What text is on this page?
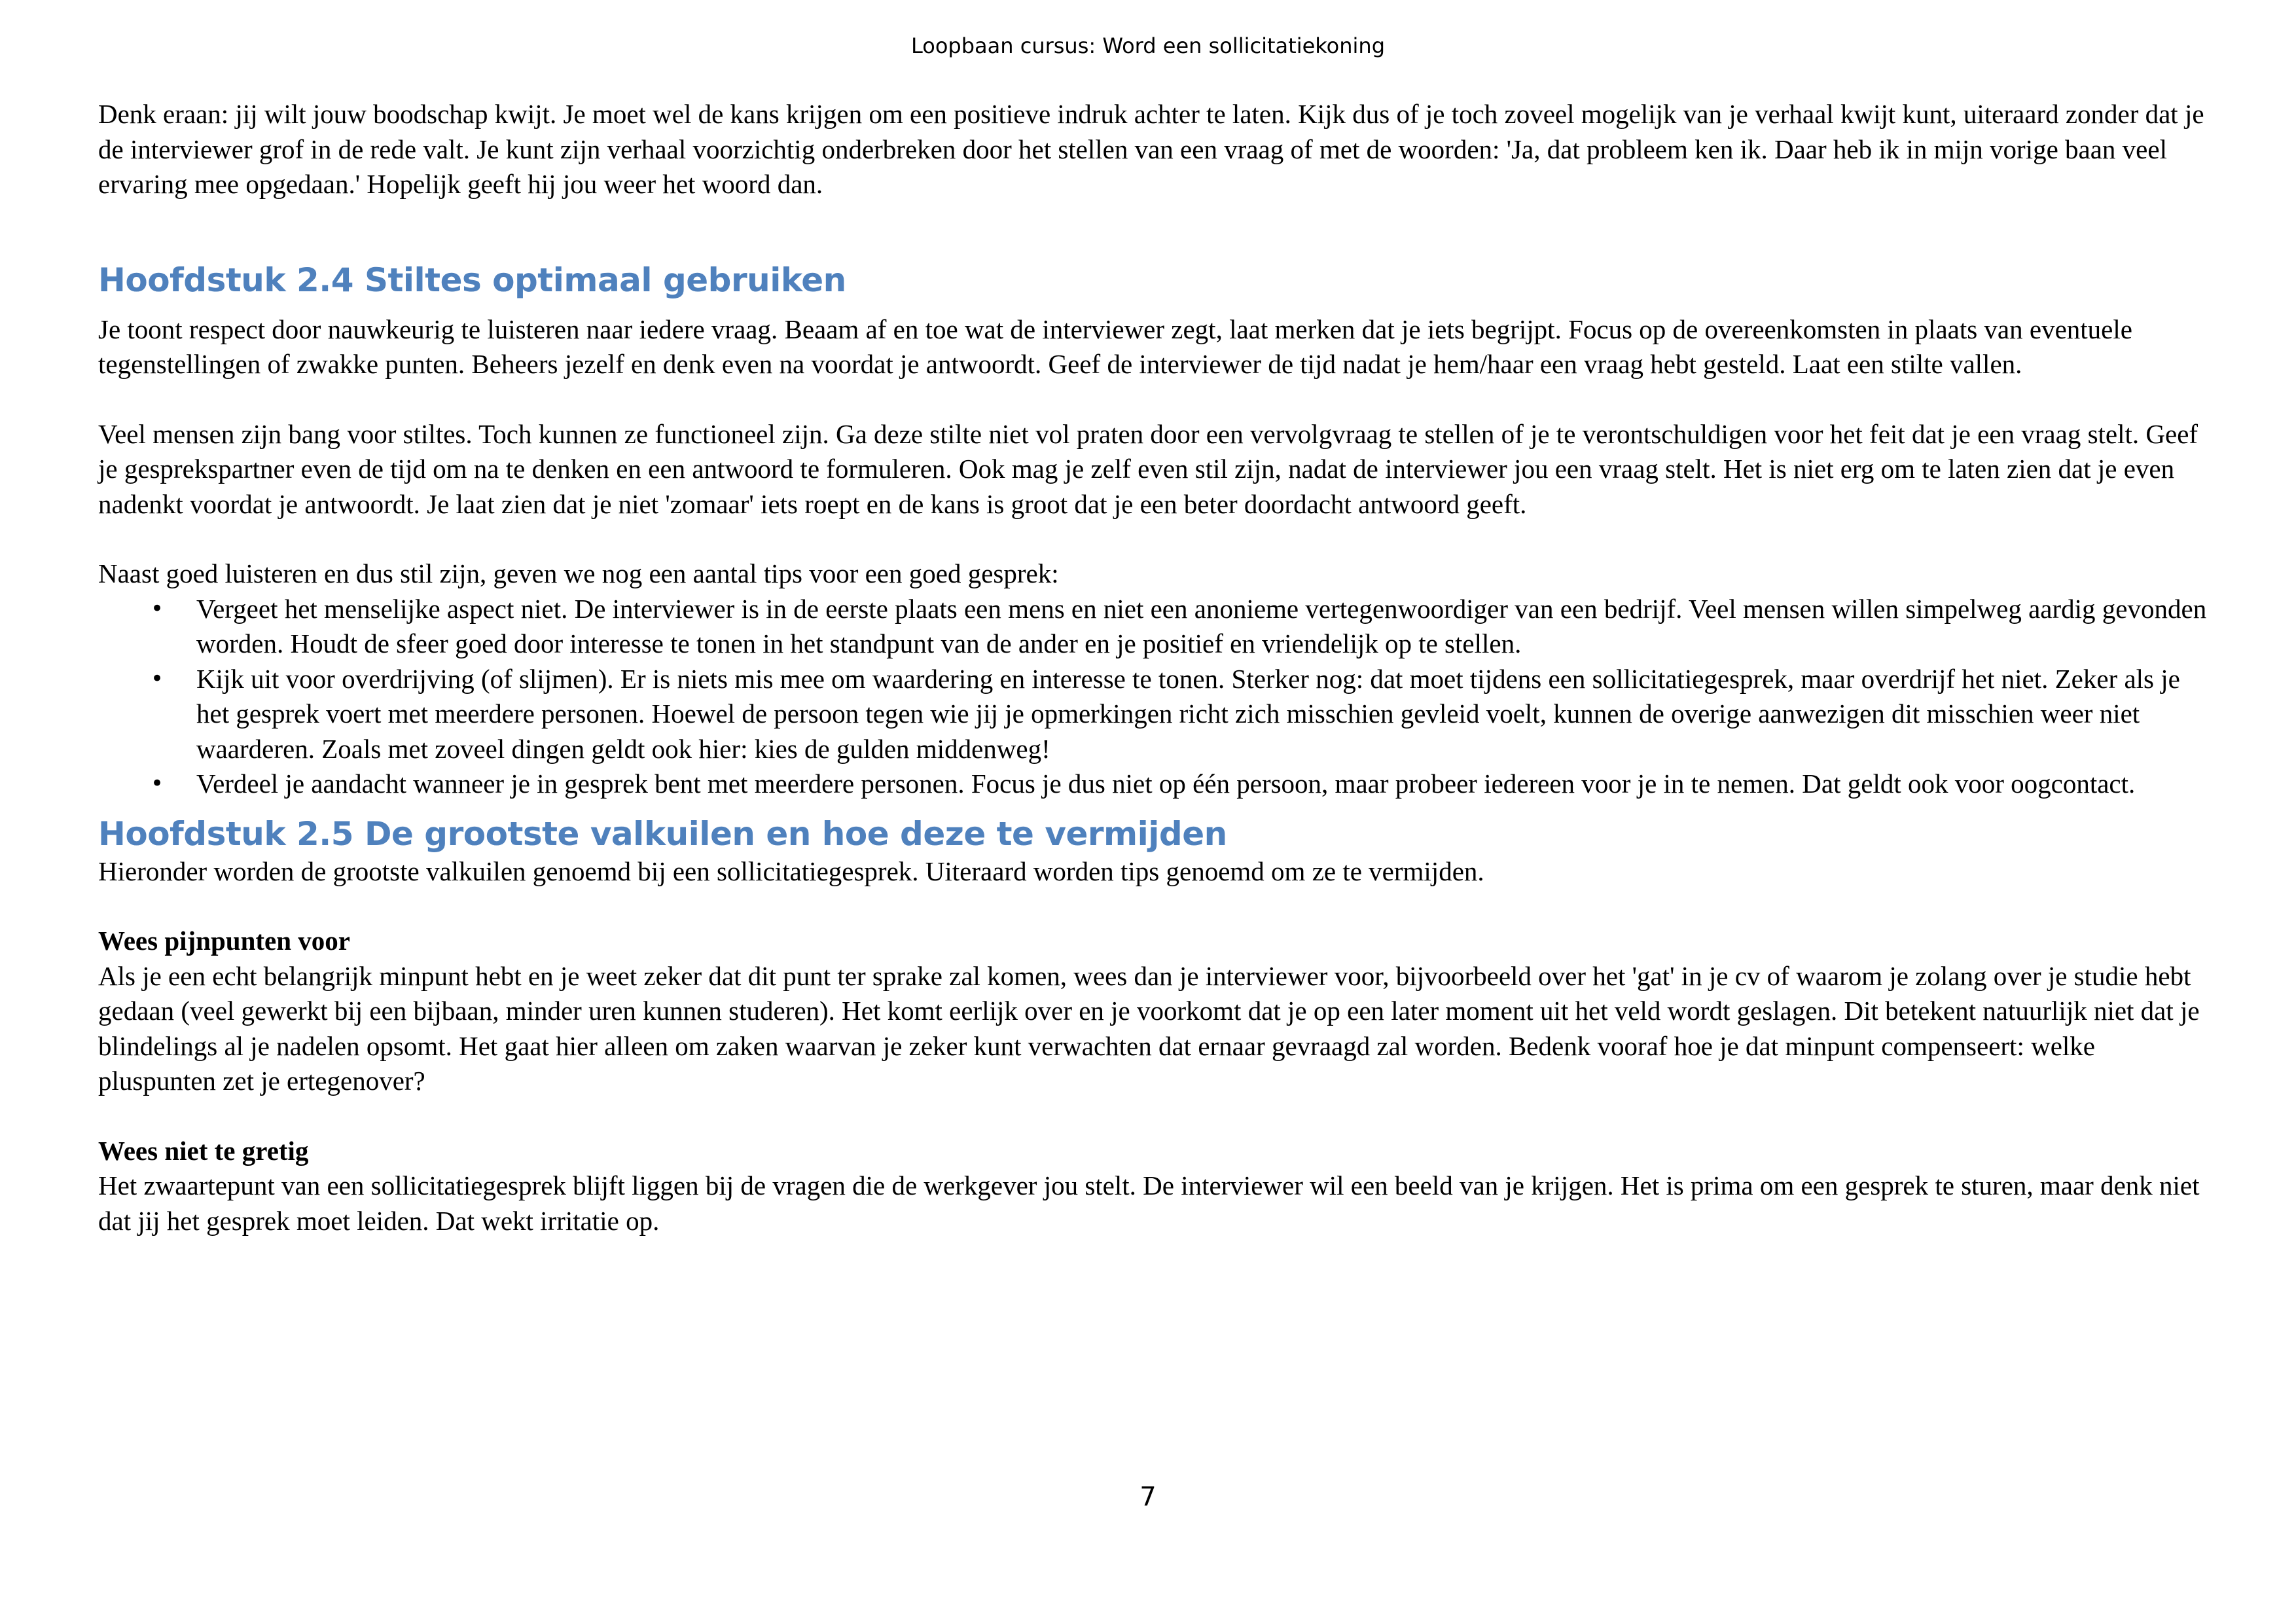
Loopbaan cursus: Word een sollicitatiekoning

Denk eraan: jij wilt jouw boodschap kwijt. Je moet wel de kans krijgen om een positieve indruk achter te laten. Kijk dus of je toch zoveel mogelijk van je verhaal kwijt kunt, uiteraard zonder dat je de interviewer grof in de rede valt. Je kunt zijn verhaal voorzichtig onderbreken door het stellen van een vraag of met de woorden: 'Ja, dat probleem ken ik. Daar heb ik in mijn vorige baan veel ervaring mee opgedaan.' Hopelijk geeft hij jou weer het woord dan.

Hoofdstuk 2.4 Stiltes optimaal gebruiken

Je toont respect door nauwkeurig te luisteren naar iedere vraag. Beaam af en toe wat de interviewer zegt, laat merken dat je iets begrijpt. Focus op de overeenkomsten in plaats van eventuele tegenstellingen of zwakke punten. Beheers jezelf en denk even na voordat je antwoordt. Geef de interviewer de tijd nadat je hem/haar een vraag hebt gesteld. Laat een stilte vallen.

Veel mensen zijn bang voor stiltes. Toch kunnen ze functioneel zijn. Ga deze stilte niet vol praten door een vervolgvraag te stellen of je te verontschuldigen voor het feit dat je een vraag stelt. Geef je gesprekspartner even de tijd om na te denken en een antwoord te formuleren. Ook mag je zelf even stil zijn, nadat de interviewer jou een vraag stelt. Het is niet erg om te laten zien dat je even nadenkt voordat je antwoordt. Je laat zien dat je niet 'zomaar' iets roept en de kans is groot dat je een beter doordacht antwoord geeft.

Naast goed luisteren en dus stil zijn, geven we nog een aantal tips voor een goed gesprek:

• Vergeet het menselijke aspect niet. De interviewer is in de eerste plaats een mens en niet een anonieme vertegenwoordiger van een bedrijf. Veel mensen willen simpelweg aardig gevonden worden. Houdt de sfeer goed door interesse te tonen in het standpunt van de ander en je positief en vriendelijk op te stellen.
• Kijk uit voor overdrijving (of slijmen). Er is niets mis mee om waardering en interesse te tonen. Sterker nog: dat moet tijdens een sollicitatiegesprek, maar overdrijf het niet. Zeker als je het gesprek voert met meerdere personen. Hoewel de persoon tegen wie jij je opmerkingen richt zich misschien gevleid voelt, kunnen de overige aanwezigen dit misschien weer niet waarderen. Zoals met zoveel dingen geldt ook hier: kies de gulden middenweg!
• Verdeel je aandacht wanneer je in gesprek bent met meerdere personen. Focus je dus niet op één persoon, maar probeer iedereen voor je in te nemen. Dat geldt ook voor oogcontact.
Hoofdstuk 2.5 De grootste valkuilen en hoe deze te vermijden

Hieronder worden de grootste valkuilen genoemd bij een sollicitatiegesprek. Uiteraard worden tips genoemd om ze te vermijden.

Wees pijnpunten voor

Als je een echt belangrijk minpunt hebt en je weet zeker dat dit punt ter sprake zal komen, wees dan je interviewer voor, bijvoorbeeld over het 'gat' in je cv of waarom je zolang over je studie hebt gedaan (veel gewerkt bij een bijbaan, minder uren kunnen studeren). Het komt eerlijk over en je voorkomt dat je op een later moment uit het veld wordt geslagen. Dit betekent natuurlijk niet dat je blindelings al je nadelen opsomt. Het gaat hier alleen om zaken waarvan je zeker kunt verwachten dat ernaar gevraagd zal worden. Bedenk vooraf hoe je dat minpunt compenseert: welke pluspunten zet je ertegenover?

Wees niet te gretig

Het zwaartepunt van een sollicitatiegesprek blijft liggen bij de vragen die de werkgever jou stelt. De interviewer wil een beeld van je krijgen. Het is prima om een gesprek te sturen, maar denk niet dat jij het gesprek moet leiden. Dat wekt irritatie op.

7
